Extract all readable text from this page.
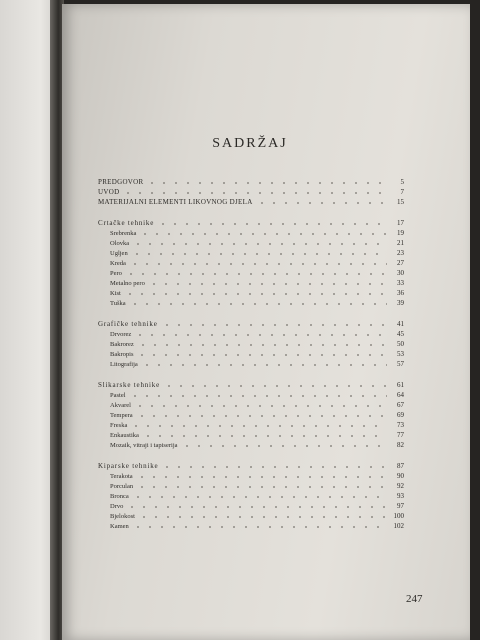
SADRŽAJ
PREDGOVOR	5
UVOD	7
MATERIJALNI ELEMENTI LIKOVNOG DJELA	15
Crtačke tehnike	17
Srebrenka	19
Olovka	21
Ugljen	23
Kreda	27
Pero	30
Metalno pero	33
Kist	36
Tuška	39
Grafičke tehnike	41
Drvorez	45
Bakrorez	50
Bakropis	53
Litografija	57
Slikarske tehnike	61
Pastel	64
Akvarel	67
Tempera	69
Freska	73
Enkaustika	77
Mozaik, vitraji i tapiserija	82
Kiparske tehnike	87
Terakota	90
Porculan	92
Bronca	93
Drvo	97
Bjelokost	100
Kamen	102
247
